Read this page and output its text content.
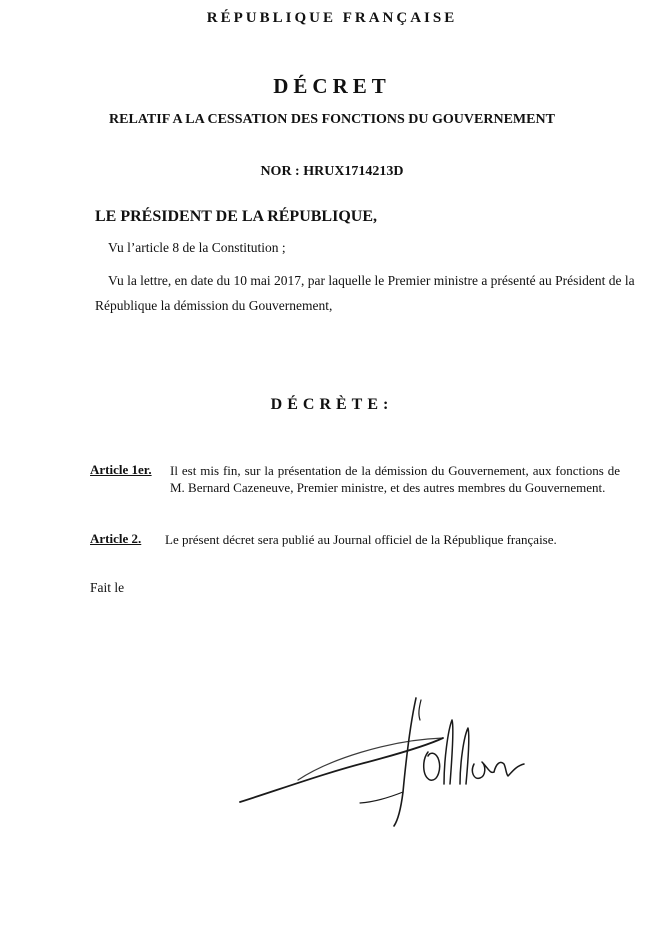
RÉPUBLIQUE FRANÇAISE
DÉCRET
RELATIF A LA CESSATION DES FONCTIONS DU GOUVERNEMENT
NOR : HRUX1714213D
LE PRÉSIDENT DE LA RÉPUBLIQUE,
Vu l’article 8 de la Constitution ;
Vu la lettre, en date du 10 mai 2017, par laquelle le Premier ministre a présenté au Président de la République la démission du Gouvernement,
DÉCRÈTE:
Article 1er. Il est mis fin, sur la présentation de la démission du Gouvernement, aux fonctions de M. Bernard Cazeneuve, Premier ministre, et des autres membres du Gouvernement.
Article 2. Le présent décret sera publié au Journal officiel de la République française.
Fait le
